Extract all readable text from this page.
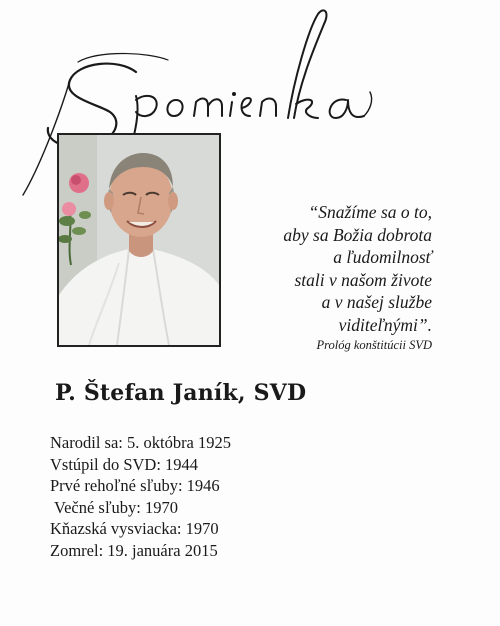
“Snažíme sa o to,
aby sa Božia dobrota
a ľudomilnosť
stali v našom živote
a v našej službe
viditeľnými”.
Prológ konštitúcii SVD
P. Štefan Janík, SVD
Narodil sa: 5. októbra 1925
Vstúpil do SVD: 1944
Prvé rehoľné sľuby: 1946
Večné sľuby: 1970
Kňazská vysviacka: 1970
Zomrel: 19. januára 2015
